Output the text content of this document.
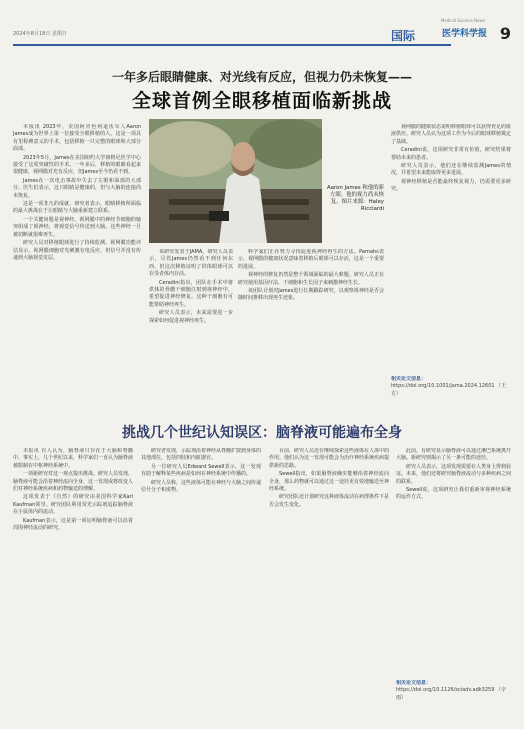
2024年8月18日 星期日
Medical Science News
国际	医学科学报 9
一年多后眼睛健康、对光线有反应，但视力仍未恢复——
全球首例全眼移植面临新挑战

本报讯 2023年，美国阿肯色州退伍军人Aaron James成为世界上第一位接受全眼移植的人，这是一项具有里程碑意义的手术，包括移植一只完整的眼球和大部分面部。

2023年5月，James在美国纽约大学朗格尼医学中心接受了这项突破性的手术。一年多后，移植的眼睛看起来很健康，视网膜对光有反应，但James至今仍看不到。

James在一次电击事故中失去了左眼和面部的大部分。医生们表示，这只眼睛是健康的，但与大脑的连接尚未恢复。

这是一项非凡的成就，研究者表示，眼睛移植所面临的最大挑战在于让眼睛与大脑重新建立联系。

一个关键问题是视神经。视网膜中的神经节细胞的轴突组成了视神经，将视觉信号传送到大脑。这些神经一旦被切断就很难再生。

研究人员对移植眼球进行了持续监测。视网膜功能评估显示，视网膜细胞对光刺激有电反应，但信号并没有传递到大脑视觉皮层。

Aaron James 和他的新左眼。他的视力尚未恢复。图片来源：Haley Ricciardi

该研究发表于JAMA。研究人员表示，尽管James仍然看不到任何东西，但这次移植证明了供体眼球可以在受者体内存活。

Ceradini指出，团队在手术中将供体的骨髓干细胞注射到视神经中，希望促进神经修复。这种干细胞有可能帮助神经再生。

研究人员表示，未来需要进一步探索如何促进视神经再生。

科学家们正在努力寻找促进视神经再生的方法。Pamahs表示，视网膜的健康状况意味着移植后眼球可以存活，这是一个重要的进展。

视神经的修复仍然是整个领域面临的最大难题。研究人员正在研究使用基因疗法、干细胞和生长因子来刺激神经生长。

该团队计划对James进行长期跟踪研究，以观察视神经是否会随时间推移出现再生迹象。

视网膜的健康状态说明移植眼球可以获得充足的血液供应。研究人员认为这项工作为今后的眼球移植奠定了基础。

Ceradini说，这项研究非常有价值，研究结果将帮助未来的患者。

研究人员表示，他们还在继续监测James的情况，并希望未来能取得更多进展。

视神经移植是否能最终恢复视力，仍需要更多研究。

相关论文信息： https://doi.org/10.1001/jama.2024.12601 （王方）
挑战几个世纪认知误区：脑脊液可能遍布全身

本报讯 有人认为，脑脊液只存在于大脑和脊髓中。事实上，几个世纪以来，科学家们一直认为脑脊液被限制在中枢神经系统中。

一项新研究对这一观点提出挑战。研究人员发现，脑脊液可能会沿着神经流向全身，这一发现或将改变人们对神经系统疾病和药物输送的理解。

这项发表于《自然》的研究由美国科学家Karl Kaufman领导。研究团队利用荧光示踪剂追踪脑脊液在小鼠体内的流动。

Kaufman表示，这是第一项证明脑脊液可以沿着周围神经流动的研究。

研究者发现，示踪剂沿着神经从脊髓扩散到身体的其他部位，包括四肢和内脏器官。

另一位研究人员Edward Sewell表示，这一发现有助于解释某些疾病是如何在神经系统中传播的。

研究人员称，这些液体可能在神经与大脑之间传递信号分子和废物。

目前，研究人员还在继续探索这些液体在人体中的作用。他们认为这一发现可能会为治疗神经系统疾病提供新的思路。

Sewell指出，如果脑脊液确实能够沿着神经流向全身，那么药物就可以通过这一途径更有效地输送至神经系统。

研究团队还计划研究这种液体流动在病理条件下是否会发生变化。

此前，有研究显示脑脊液可以通过淋巴系统离开大脑。新研究则揭示了另一条可能的途径。

研究人员表示，这项发现需要在人类身上得到验证。未来，他们还将研究脑脊液流动与多种疾病之间的联系。

Sewell说，这项研究让我们重新审视神经系统的运作方式。

相关论文信息： https://doi.org/10.1126/sciadv.adk3259 （辛雨）
